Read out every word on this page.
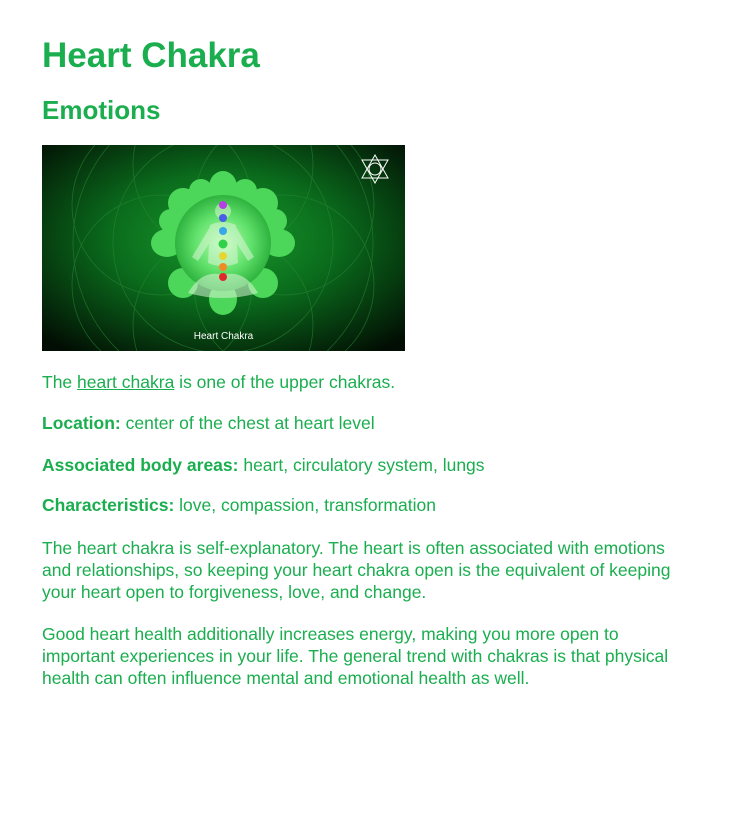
Heart Chakra
Emotions
Heart Chakra

The heart chakra is one of the upper chakras.

Location: center of the chest at heart level

Associated body areas: heart, circulatory system, lungs

Characteristics: love, compassion, transformation

The heart chakra is self-explanatory. The heart is often associated with emotions and relationships, so keeping your heart chakra open is the equivalent of keeping your heart open to forgiveness, love, and change.

Good heart health additionally increases energy, making you more open to important experiences in your life. The general trend with chakras is that physical health can often influence mental and emotional health as well.
